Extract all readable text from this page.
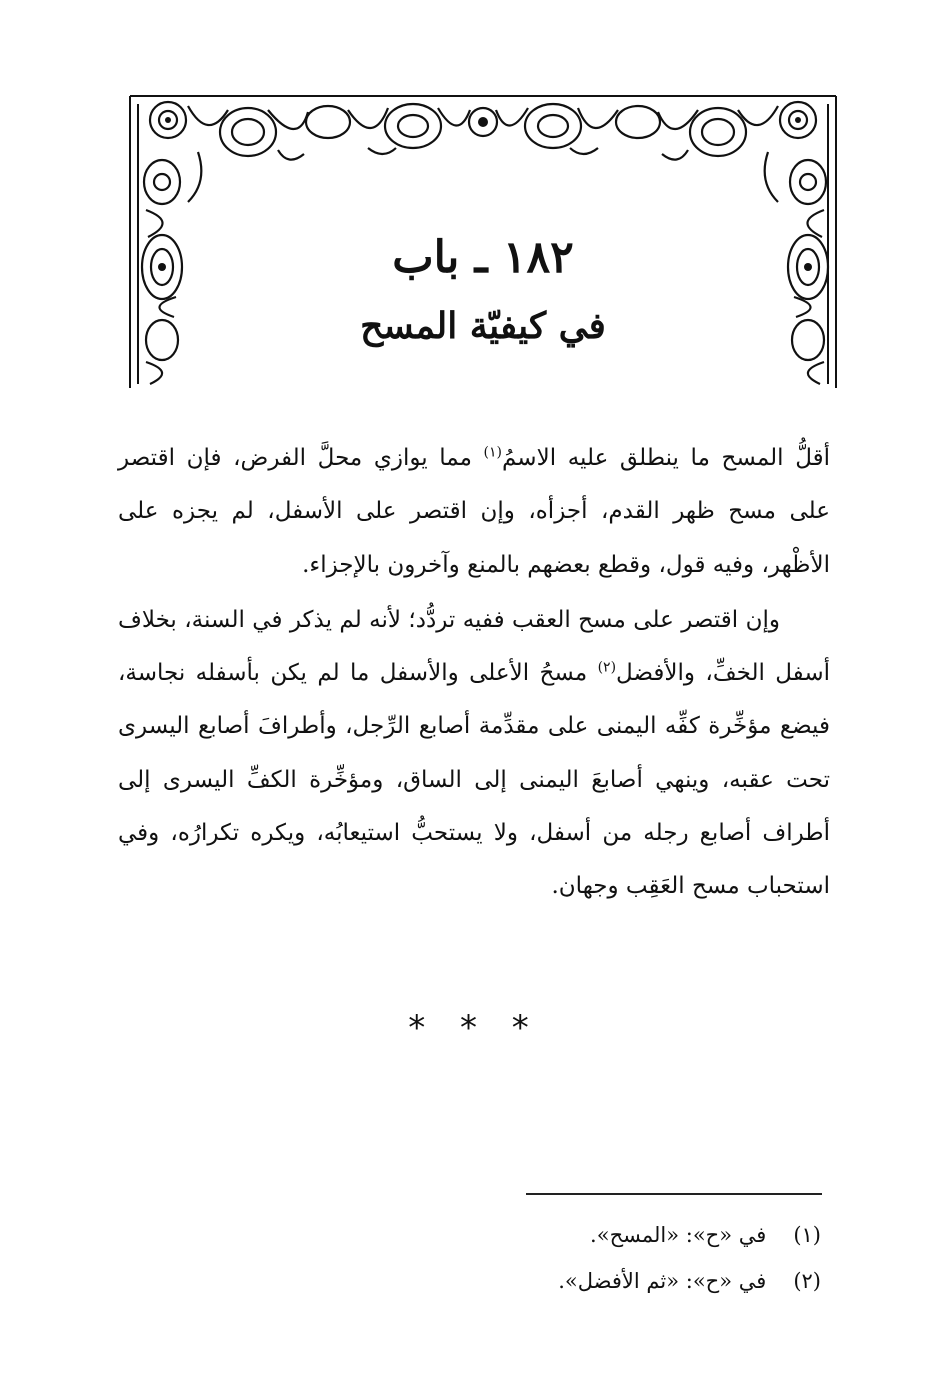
١٨٢ ـ باب
في كيفيّة المسح

أقلُّ المسح ما ينطلق عليه الاسمُ$^{(١)}$ مما يوازي محلَّ الفرض، فإن اقتصر على مسح ظهر القدم، أجزأه، وإن اقتصر على الأسفل، لم يجزه على الأظْهر، وفيه قول، وقطع بعضهم بالمنع وآخرون بالإجزاء.

وإن اقتصر على مسح العقب ففيه تردُّد؛ لأنه لم يذكر في السنة، بخلاف أسفل الخفِّ، والأفضل$^{(٢)}$ مسحُ الأعلى والأسفل ما لم يكن بأسفله نجاسة، فيضع مؤخِّرة كفِّه اليمنى على مقدِّمة أصابع الرِّجل، وأطرافَ أصابع اليسرى تحت عقبه، وينهي أصابعَ اليمنى إلى الساق، ومؤخِّرة الكفِّ اليسرى إلى أطراف أصابع رجله من أسفل، ولا يستحبُّ استيعابُه، ويكره تكرارُه، وفي استحباب مسح العَقِب وجهان.

* * *
(١) في «ح»: «المسح».
(٢) في «ح»: «ثم الأفضل».
